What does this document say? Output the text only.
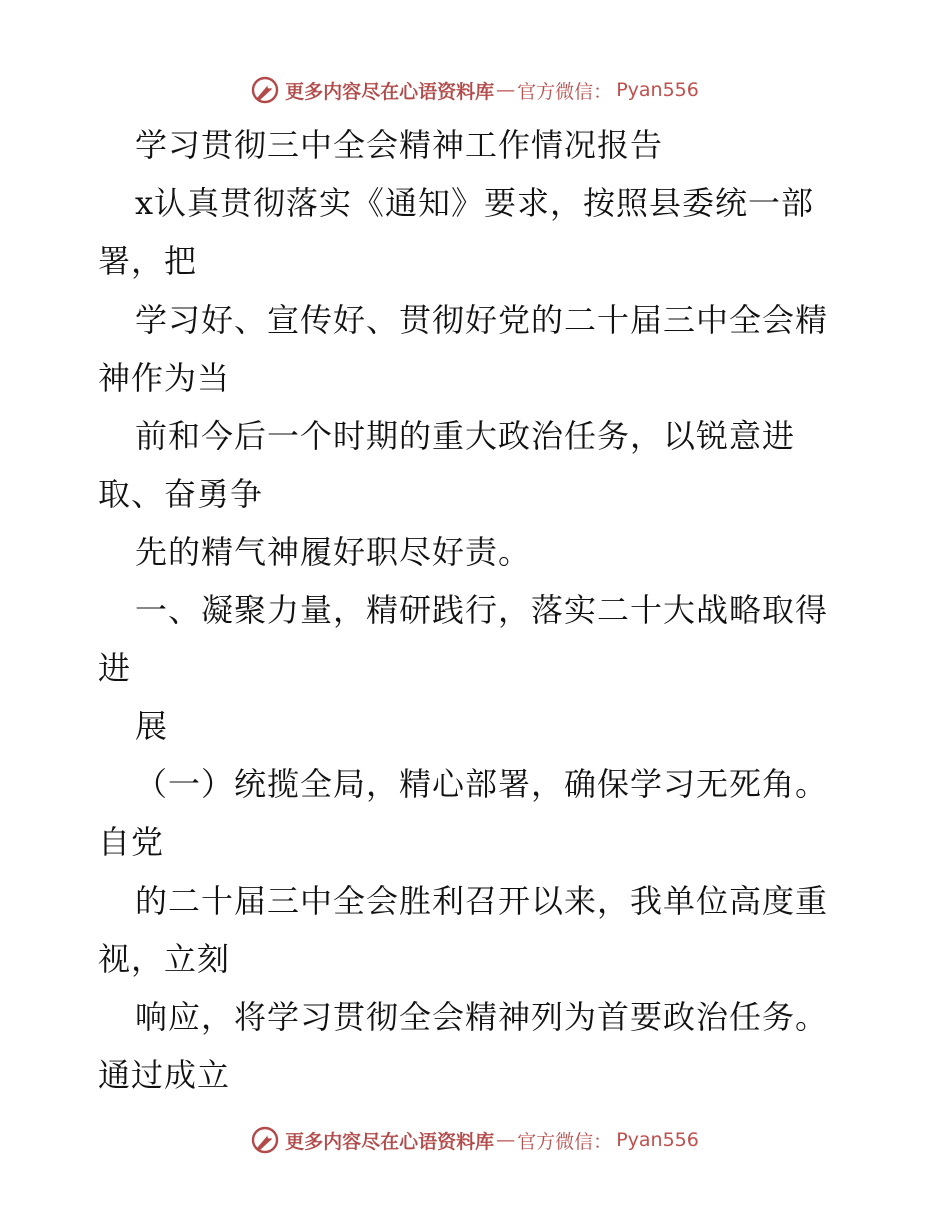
更多内容尽在心语资料库 — 官方微信： Pyan556
学习贯彻三中全会精神工作情况报告
x认真贯彻落实《通知》要求，按照县委统一部
署，把
学习好、宣传好、贯彻好党的二十届三中全会精
神作为当
前和今后一个时期的重大政治任务，以锐意进
取、奋勇争
先的精气神履好职尽好责。
一、凝聚力量，精研践行，落实二十大战略取得
进
展
（一）统揽全局，精心部署，确保学习无死角。
自党
的二十届三中全会胜利召开以来，我单位高度重
视，立刻
响应，将学习贯彻全会精神列为首要政治任务。
通过成立
更多内容尽在心语资料库 — 官方微信： Pyan556
